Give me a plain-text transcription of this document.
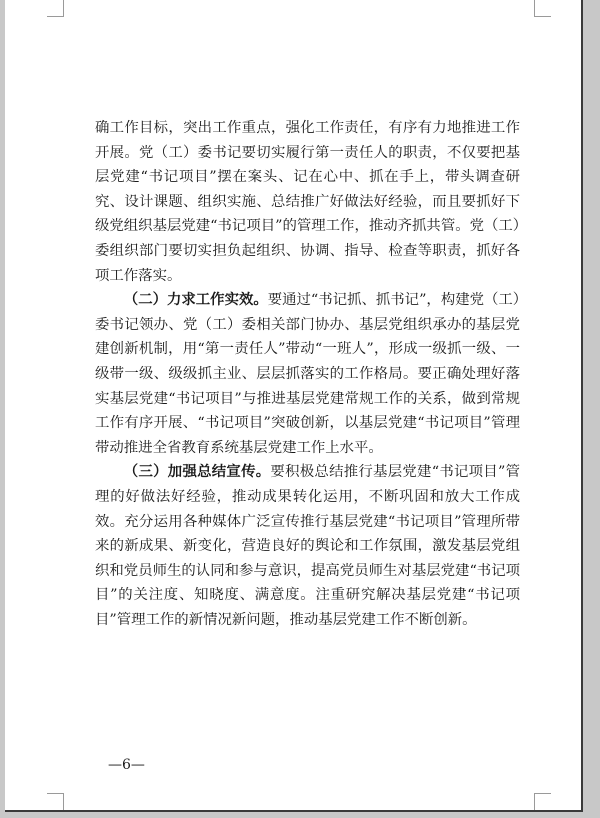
确工作目标，突出工作重点，强化工作责任，有序有力地推进工作开展。党（工）委书记要切实履行第一责任人的职责，不仅要把基层党建“书记项目”摆在案头、记在心中、抓在手上，带头调查研究、设计课题、组织实施、总结推广好做法好经验，而且要抓好下级党组织基层党建“书记项目”的管理工作，推动齐抓共管。党（工）委组织部门要切实担负起组织、协调、指导、检查等职责，抓好各项工作落实。

（二）力求工作实效。要通过“书记抓、抓书记”，构建党（工）委书记领办、党（工）委相关部门协办、基层党组织承办的基层党建创新机制，用“第一责任人”带动“一班人”，形成一级抓一级、一级带一级、级级抓主业、层层抓落实的工作格局。要正确处理好落实基层党建“书记项目”与推进基层党建常规工作的关系，做到常规工作有序开展、“书记项目”突破创新，以基层党建“书记项目”管理带动推进全省教育系统基层党建工作上水平。

（三）加强总结宣传。要积极总结推行基层党建“书记项目”管理的好做法好经验，推动成果转化运用，不断巩固和放大工作成效。充分运用各种媒体广泛宣传推行基层党建“书记项目”管理所带来的新成果、新变化，营造良好的舆论和工作氛围，激发基层党组织和党员师生的认同和参与意识，提高党员师生对基层党建“书记项目”的关注度、知晓度、满意度。注重研究解决基层党建“书记项目”管理工作的新情况新问题，推动基层党建工作不断创新。

—6—
